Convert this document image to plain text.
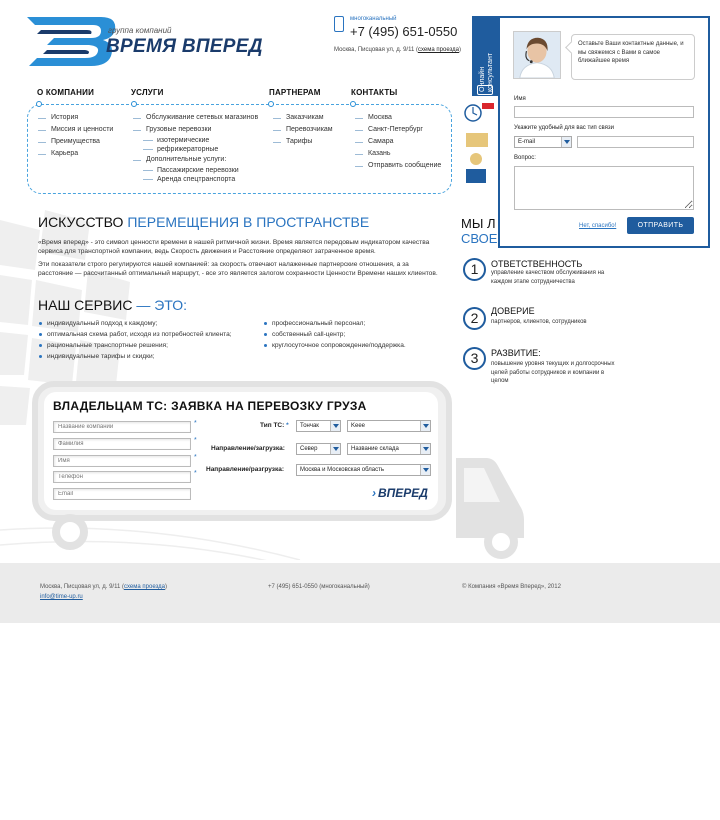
группа компаний
ВРЕМЯ ВПЕРЕД
многоканальный
+7 (495) 651-0550
Москва, Писцовая ул, д. 9/11 (схема проезда)
О КОМПАНИИ	УСЛУГИ	ПАРТНЕРАМ	КОНТАКТЫ
История
Миссия и ценности
Преимущества
Карьера
Обслуживание сетевых магазинов
Грузовые перевозки
изотермические
рефрижераторные
Дополнительные услуги:
Пассажирские перевозки
Аренда спецтранспорта
Заказчикам
Перевозчикам
Тарифы
Москва
Санкт-Петербург
Самара
Казань
Отправить сообщение
ИСКУССТВО ПЕРЕМЕЩЕНИЯ В ПРОСТРАНСТВЕ
«Время вперед» - это символ ценности времени в нашей ритмичной жизни. Время является передовым индикатором качества сервиса для транспортной компании, ведь Скорость движения и Расстояние определяют затраченное время.
Эти показатели строго регулируются нашей компанией: за скорость отвечают налаженные партнерские отношения, а за расстояние — рассчитанный оптимальный маршрут, - все это является залогом сохранности Ценности Времени наших клиентов.
НАШ СЕРВИС — ЭТО:
индивидуальный подход к каждому;
оптимальная схема работ, исходя из потребностей клиента;
рациональные транспортные решения;
индивидуальные тарифы и скидки;
профессиональный персонал;
собственный call-центр;
круглосуточное сопровождение/поддержка.
ВЛАДЕЛЬЦАМ ТС: ЗАЯВКА НА ПЕРЕВОЗКУ ГРУЗА
Название компании
*
Фамилия
*
Имя
*
Телефон
*
Email
Тип ТС: *	Тончак	Keee
Направление/загрузка:	Север	Название склада
Направление/разгрузка:	Москва и Московская область
› ВПЕРЕД
МЫ Л
СВОЕ
1	ОТВЕТСТВЕННОСТЬ
управление качеством обслуживания на каждом этапе сотрудничества
2	ДОВЕРИЕ
партнеров, клиентов, сотрудников
3	РАЗВИТИЕ:
повышение уровня текущих и долгосрочных целей работы сотрудников и компании в целом
Онлайн консультант
Оставьте Ваши контактные данные, и мы свяжемся с Вами в самое ближайшее время
Имя
Укажите удобный для вас тип связи
E-mail
Вопрос:
Нет, спасибо!	ОТПРАВИТЬ
Москва, Писцовая ул, д. 9/11 (схема проезда)
info@time-up.ru
+7 (495) 651-0550 (многоканальный)	© Компания «Время Вперед», 2012
